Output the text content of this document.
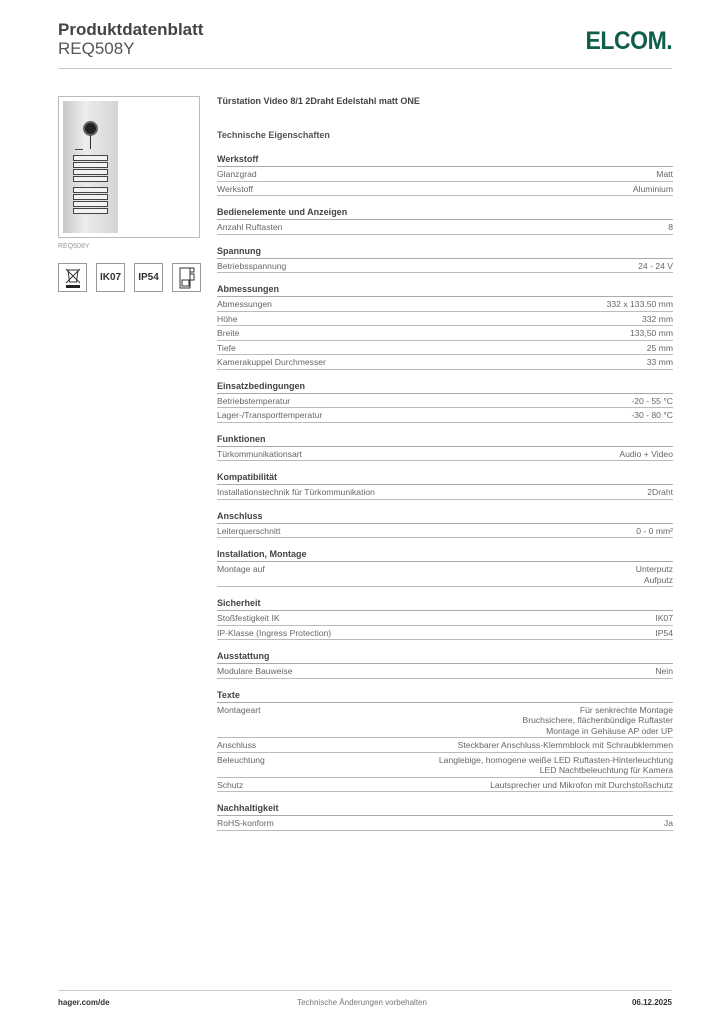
Produktdatenblatt
REQ508Y	ELCOM.
REQ508Y
IK07	IP54
Türstation Video 8/1 2Draht Edelstahl matt ONE
Technische Eigenschaften
Werkstoff
Glanzgrad	Matt
Werkstoff	Aluminium
Bedienelemente und Anzeigen
Anzahl Ruftasten	8
Spannung
Betriebsspannung	24 - 24 V
Abmessungen
Abmessungen	332 x 133.50 mm
Höhe	332 mm
Breite	133,50 mm
Tiefe	25 mm
Kamerakuppel Durchmesser	33 mm
Einsatzbedingungen
Betriebstemperatur	-20 - 55 °C
Lager-/Transporttemperatur	-30 - 80 °C
Funktionen
Türkommunikationsart	Audio + Video
Kompatibilität
Installationstechnik für Türkommunikation	2Draht
Anschluss
Leiterquerschnitt	0 - 0 mm²
Installation, Montage
Montage auf	Unterputz
Aufputz
Sicherheit
Stoßfestigkeit IK	IK07
IP-Klasse (Ingress Protection)	IP54
Ausstattung
Modulare Bauweise	Nein
Texte
Montageart	Für senkrechte Montage
Bruchsichere, flächenbündige Ruftaster
Montage in Gehäuse AP oder UP
Anschluss	Steckbarer Anschluss-Klemmblock mit Schraubklemmen
Beleuchtung	Langlebige, homogene weiße LED Ruftasten-Hinterleuchtung
LED Nachtbeleuchtung für Kamera
Schutz	Lautsprecher und Mikrofon mit Durchstoßschutz
Nachhaltigkeit
RoHS-konform	Ja
hager.com/de	Technische Änderungen vorbehalten	06.12.2025
